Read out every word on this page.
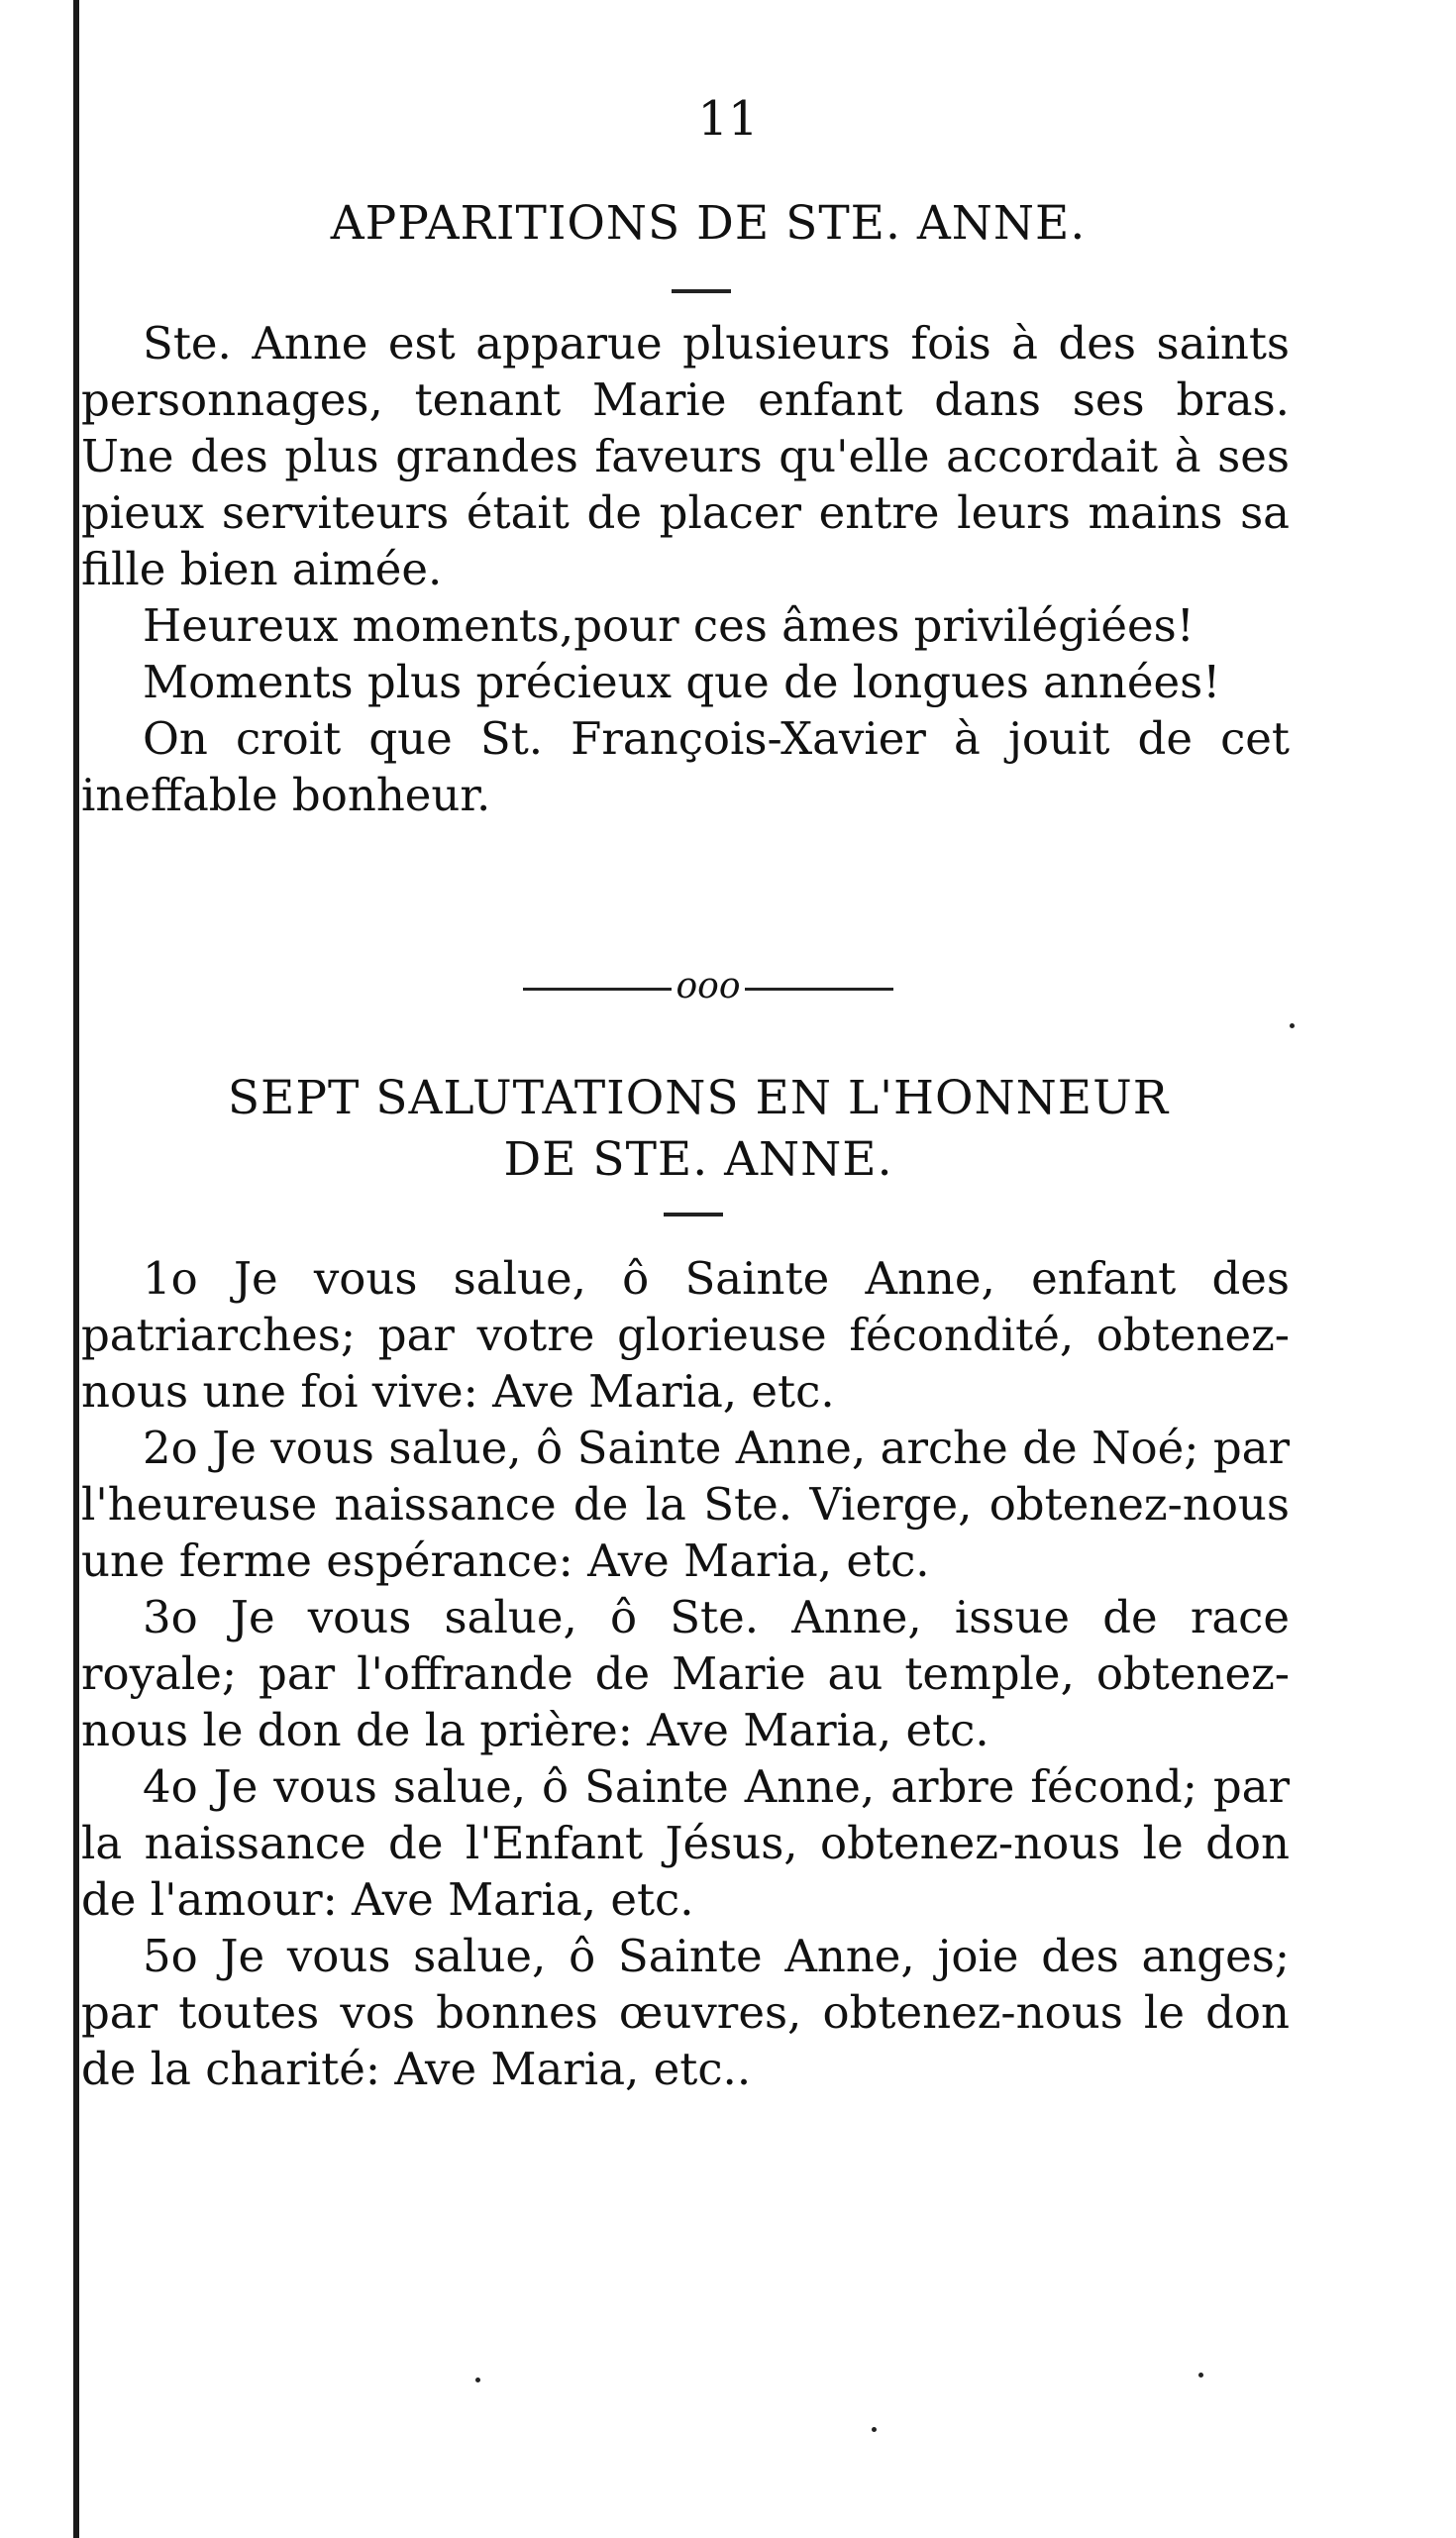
11
APPARITIONS DE STE. ANNE.

Ste. Anne est apparue plusieurs fois à des saints personnages, tenant Marie enfant dans ses bras. Une des plus grandes faveurs qu'elle accordait à ses pieux serviteurs était de placer entre leurs mains sa fille bien aimée.

Heureux moments,pour ces âmes privilégiées!

Moments plus précieux que de longues années!

On croit que St. François-Xavier à jouit de cet ineffable bonheur.

ooo
SEPT SALUTATIONS EN L'HONNEUR
DE STE. ANNE.

1o Je vous salue, ô Sainte Anne, enfant des patriarches; par votre glorieuse fécondité, obtenez-nous une foi vive: Ave Maria, etc.

2o Je vous salue, ô Sainte Anne, arche de Noé; par l'heureuse naissance de la Ste. Vierge, obtenez-nous une ferme espérance: Ave Maria, etc.

3o Je vous salue, ô Ste. Anne, issue de race royale; par l'offrande de Marie au temple, obtenez-nous le don de la prière: Ave Maria, etc.

4o Je vous salue, ô Sainte Anne, arbre fécond; par la naissance de l'Enfant Jésus, obtenez-nous le don de l'amour: Ave Maria, etc.

5o Je vous salue, ô Sainte Anne, joie des anges; par toutes vos bonnes œuvres, obtenez-nous le don de la charité: Ave Maria, etc..
